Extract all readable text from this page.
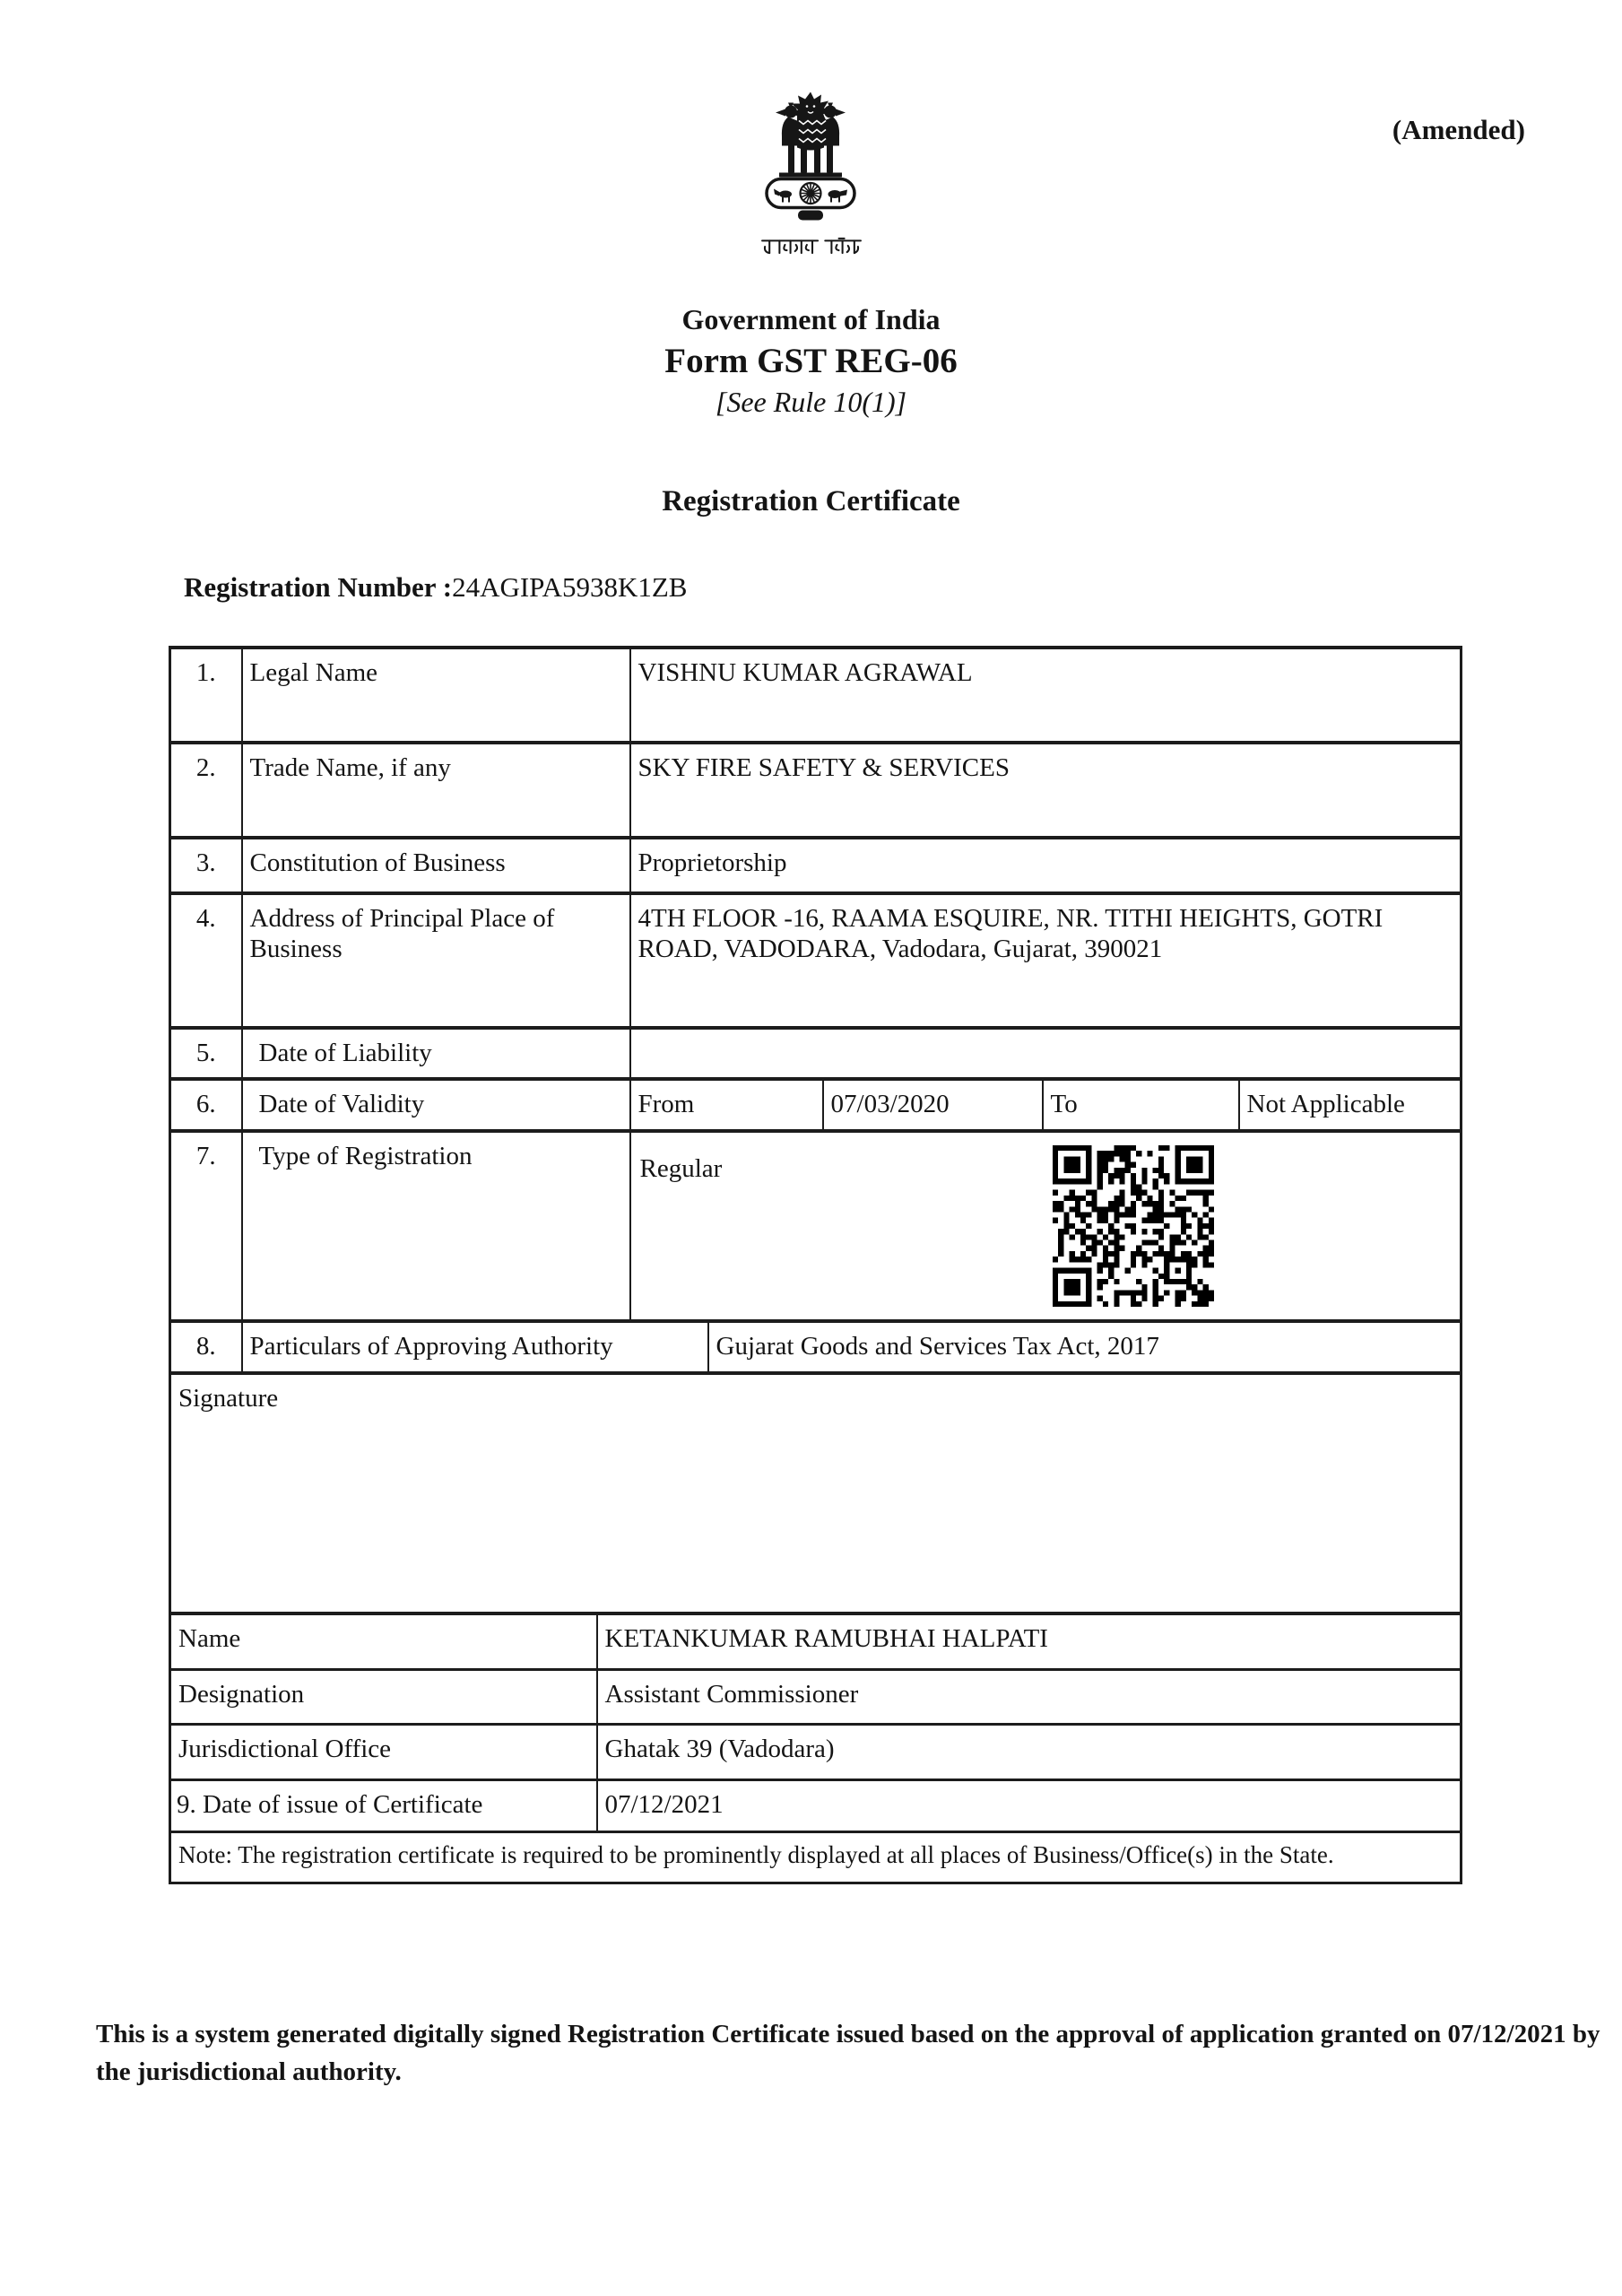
(Amended)
Government of India
Form GST REG-06
[See Rule 10(1)]
Registration Certificate
Registration Number :24AGIPA5938K1ZB
1.	Legal Name		VISHNU KUMAR AGRAWAL				
2.	Trade Name, if any		SKY FIRE SAFETY & SERVICES				
3.	Constitution of Business		Proprietorship				
4.	Address of Principal Place of Business		4TH FLOOR -16, RAAMA ESQUIRE, NR. TITHI HEIGHTS, GOTRI ROAD, VADODARA, Vadodara, Gujarat, 390021				
5.	Date of Liability						
6.	Date of Validity		From		07/03/2020	To	Not Applicable
7.	Type of Registration		Regular				

8.	Particulars of Approving Authority			Gujarat Goods and Services Tax Act, 2017			
Signature							
Name		KETANKUMAR RAMUBHAI HALPATI					
Designation		Assistant Commissioner					
Jurisdictional Office		Ghatak 39 (Vadodara)					
9. Date of issue of Certificate		07/12/2021					
Note: The registration certificate is required to be prominently displayed at all places of Business/Office(s) in the State.							
This is a system generated digitally signed Registration Certificate issued based on the approval of application granted on 07/12/2021 by
the jurisdictional authority.
